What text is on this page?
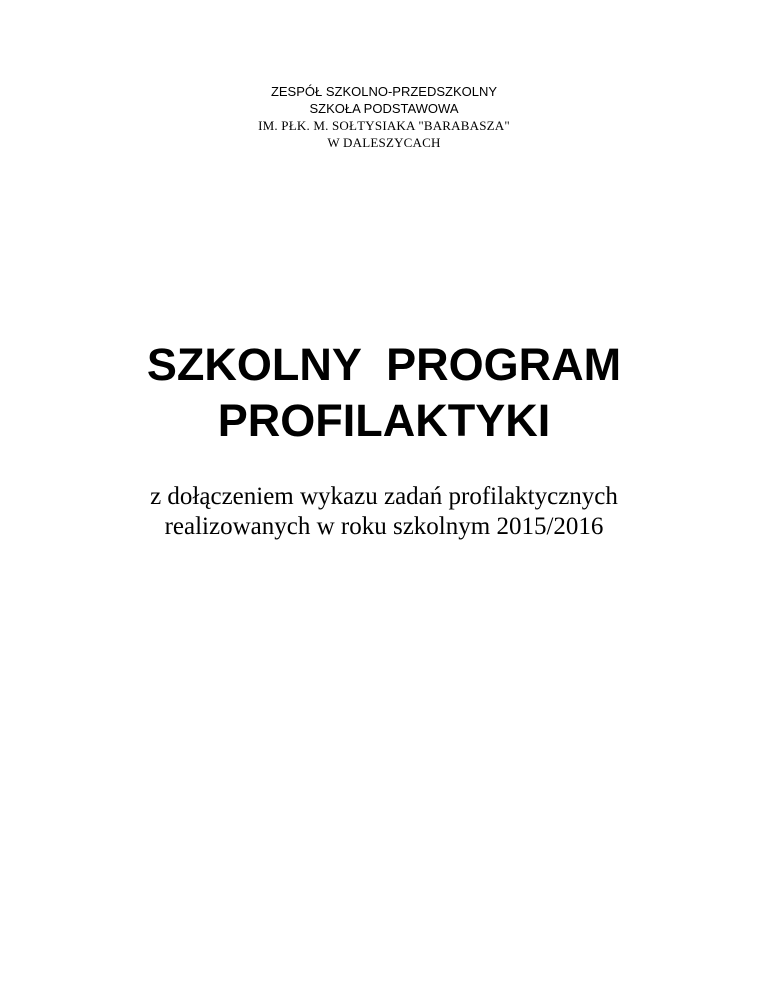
ZESPÓŁ SZKOLNO-PRZEDSZKOLNY
SZKOŁA PODSTAWOWA
IM. PŁK. M. SOŁTYSIAKA "BARABASZA"
W DALESZYCACH
SZKOLNY  PROGRAM
PROFILAKTYKI
z dołączeniem wykazu zadań profilaktycznych
realizowanych w roku szkolnym 2015/2016
